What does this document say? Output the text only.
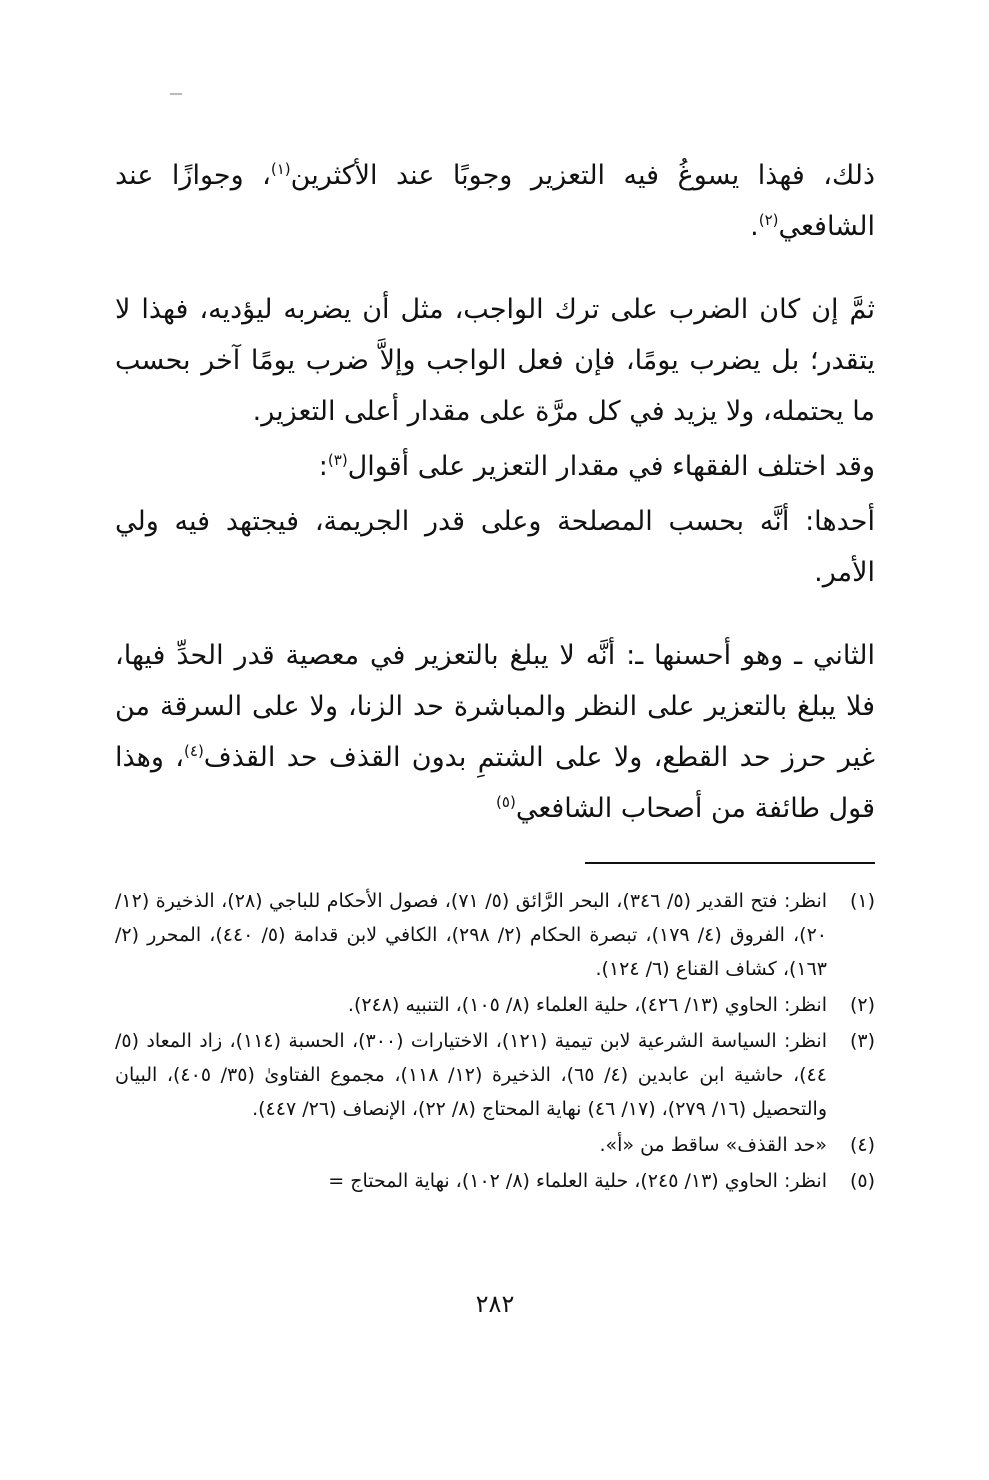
ذلك، فهذا يسوغُ فيه التعزير وجوبًا عند الأكثرين$^{(١)}$، وجوازًا عند الشافعي$^{(٢)}$.

ثمَّ إن كان الضرب على ترك الواجب، مثل أن يضربه ليؤديه، فهذا لا يتقدر؛ بل يضرب يومًا، فإن فعل الواجب وإلاَّ ضرب يومًا آخر بحسب ما يحتمله، ولا يزيد في كل مرَّة على مقدار أعلى التعزير.

وقد اختلف الفقهاء في مقدار التعزير على أقوال$^{(٣)}$:

أحدها: أنَّه بحسب المصلحة وعلى قدر الجريمة، فيجتهد فيه ولي الأمر.

الثاني ـ وهو أحسنها ـ: أنَّه لا يبلغ بالتعزير في معصية قدر الحدِّ فيها، فلا يبلغ بالتعزير على النظر والمباشرة حد الزنا، ولا على السرقة من غير حرز حد القطع، ولا على الشتمِ بدون القذف حد القذف$^{(٤)}$، وهذا قول طائفة من أصحاب الشافعي$^{(٥)}$

(١)
انظر: فتح القدير (٥/ ٣٤٦)، البحر الرَّائق (٥/ ٧١)، فصول الأحكام للباجي (٢٨)، الذخيرة (١٢/ ٢٠)، الفروق (٤/ ١٧٩)، تبصرة الحكام (٢/ ٢٩٨)، الكافي لابن قدامة (٥/ ٤٤٠)، المحرر (٢/ ١٦٣)، كشاف القناع (٦/ ١٢٤).
(٢)
انظر: الحاوي (١٣/ ٤٢٦)، حلية العلماء (٨/ ١٠٥)، التنبيه (٢٤٨).
(٣)
انظر: السياسة الشرعية لابن تيمية (١٢١)، الاختيارات (٣٠٠)، الحسبة (١١٤)، زاد المعاد (٥/ ٤٤)، حاشية ابن عابدين (٤/ ٦٥)، الذخيرة (١٢/ ١١٨)، مجموع الفتاوىٰ (٣٥/ ٤٠٥)، البيان والتحصيل (١٦/ ٢٧٩)، (١٧/ ٤٦) نهاية المحتاج (٨/ ٢٢)، الإنصاف (٢٦/ ٤٤٧).
(٤)
«حد القذف» ساقط من «أ».
(٥)
انظر: الحاوي (١٣/ ٢٤٥)، حلية العلماء (٨/ ١٠٢)، نهاية المحتاج =
٢٨٢
